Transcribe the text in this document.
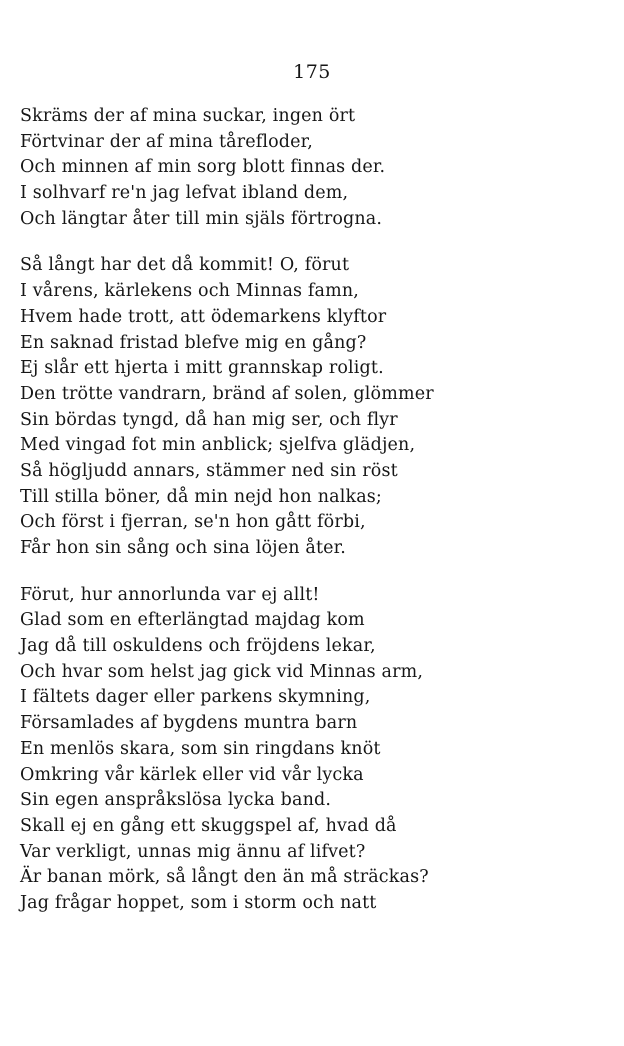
175
Skräms der af mina suckar, ingen ört
Förtvinar der af mina tårefloder,
Och minnen af min sorg blott finnas der.
I solhvarf re'n jag lefvat ibland dem,
Och längtar åter till min själs förtrogna.
Så långt har det då kommit! O, förut
I vårens, kärlekens och Minnas famn,
Hvem hade trott, att ödemarkens klyftor
En saknad fristad blefve mig en gång?
Ej slår ett hjerta i mitt grannskap roligt.
Den trötte vandrarn, bränd af solen, glömmer
Sin bördas tyngd, då han mig ser, och flyr
Med vingad fot min anblick; sjelfva glädjen,
Så högljudd annars, stämmer ned sin röst
Till stilla böner, då min nejd hon nalkas;
Och först i fjerran, se'n hon gått förbi,
Får hon sin sång och sina löjen åter.
Förut, hur annorlunda var ej allt!
Glad som en efterlängtad majdag kom
Jag då till oskuldens och fröjdens lekar,
Och hvar som helst jag gick vid Minnas arm,
I fältets dager eller parkens skymning,
Församlades af bygdens muntra barn
En menlös skara, som sin ringdans knöt
Omkring vår kärlek eller vid vår lycka
Sin egen anspråkslösa lycka band.
Skall ej en gång ett skuggspel af, hvad då
Var verkligt, unnas mig ännu af lifvet?
Är banan mörk, så långt den än må sträckas?
Jag frågar hoppet, som i storm och natt
